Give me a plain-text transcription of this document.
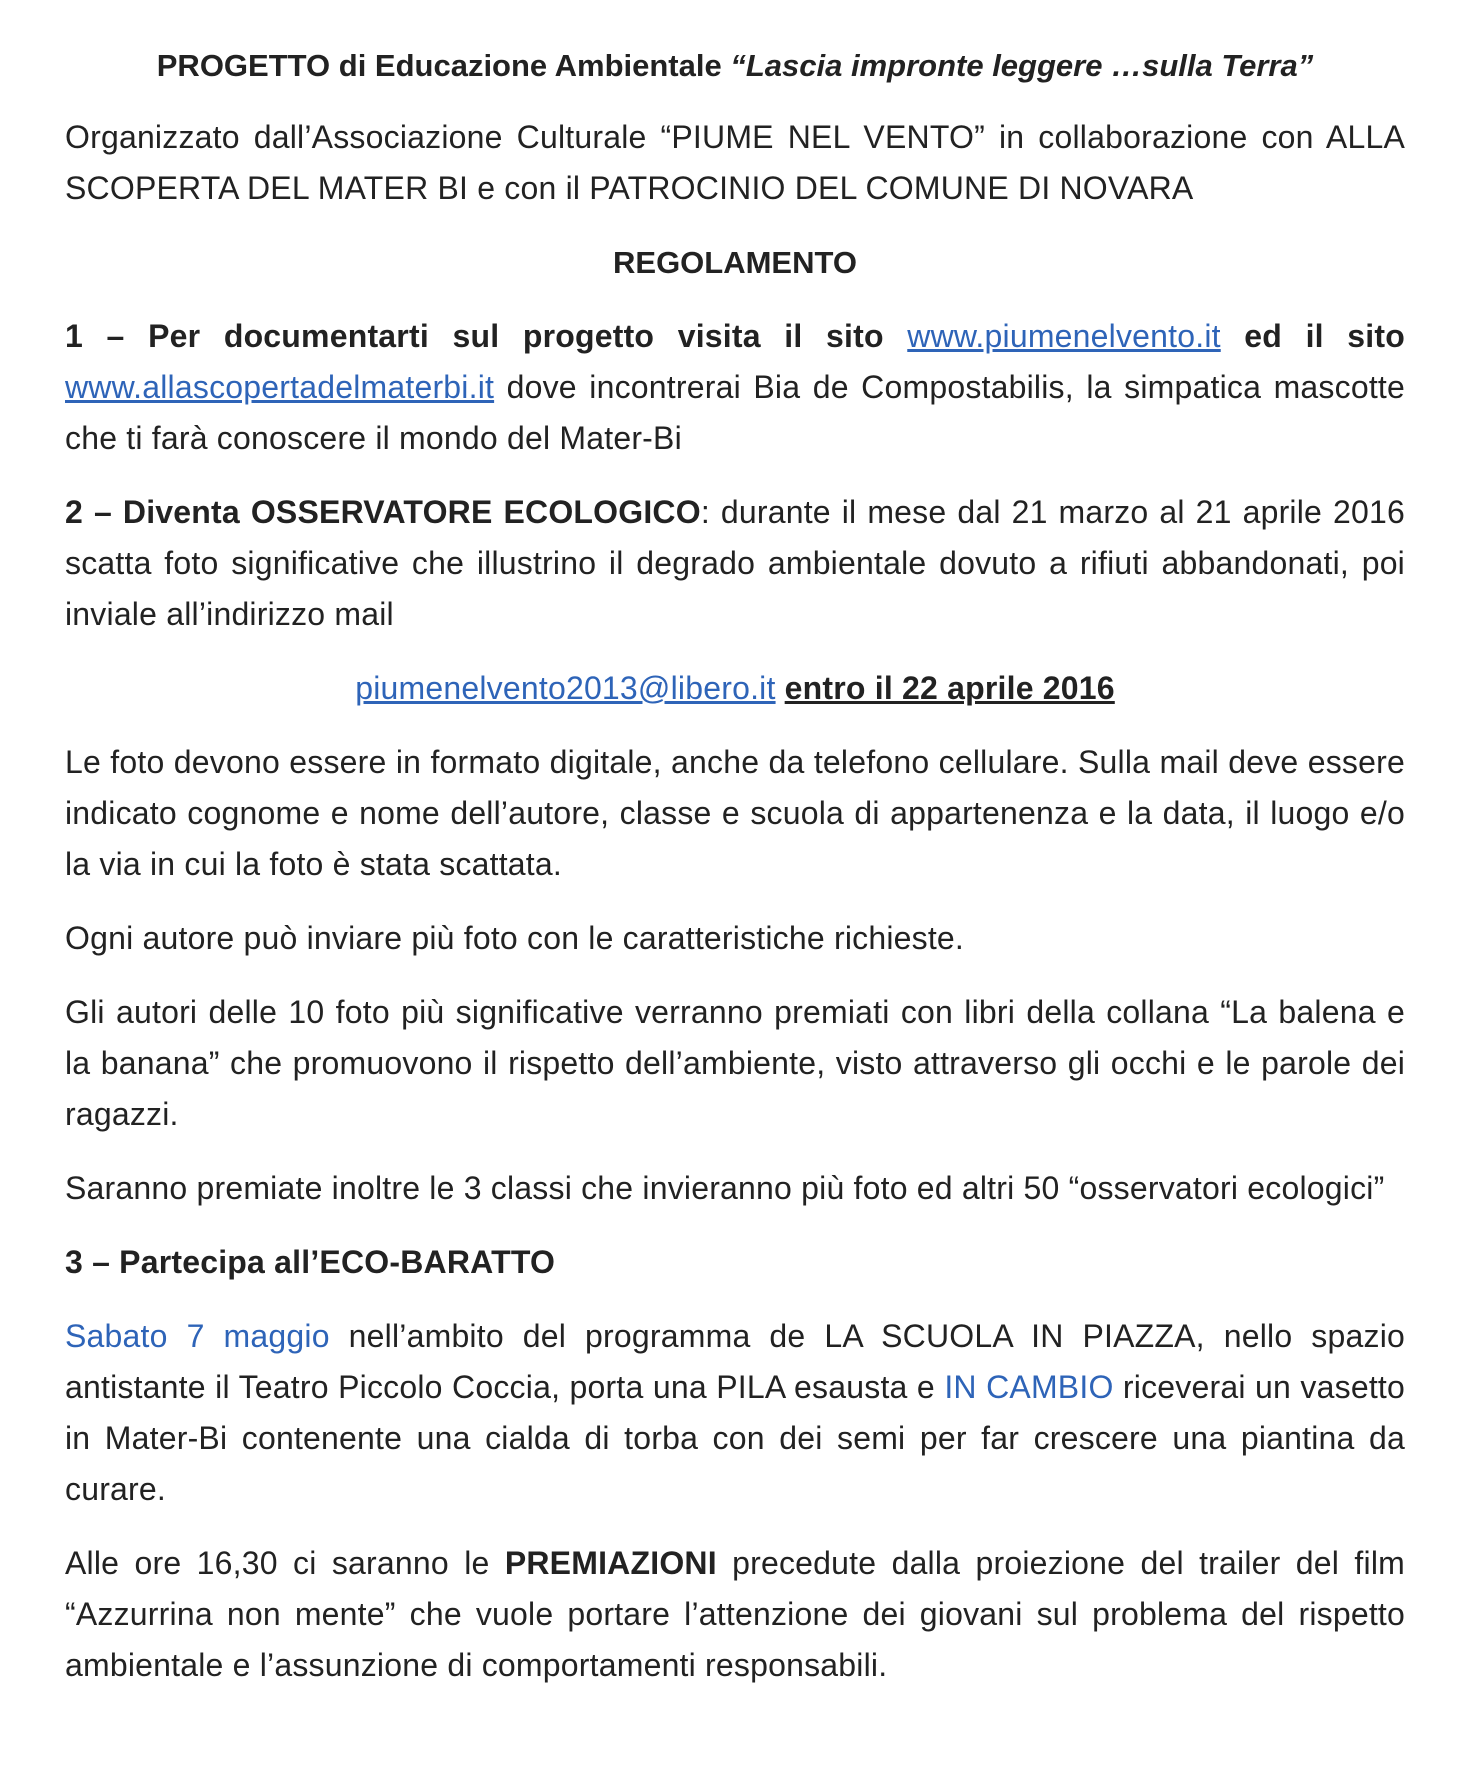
PROGETTO di Educazione Ambientale “Lascia impronte leggere …sulla Terra”

Organizzato dall’Associazione Culturale “PIUME NEL VENTO” in collaborazione con ALLA SCOPERTA DEL MATER BI e con il PATROCINIO DEL COMUNE DI NOVARA

REGOLAMENTO

1 – Per documentarti sul progetto visita il sito www.piumenelvento.it ed il sito www.allascopertadelmaterbi.it dove incontrerai Bia de Compostabilis, la simpatica mascotte che ti farà conoscere il mondo del Mater-Bi

2 – Diventa OSSERVATORE ECOLOGICO: durante il mese dal 21 marzo al 21 aprile 2016 scatta foto significative che illustrino il degrado ambientale dovuto a rifiuti abbandonati, poi inviale all’indirizzo mail

piumenelvento2013@libero.it entro il 22 aprile 2016

Le foto devono essere in formato digitale, anche da telefono cellulare. Sulla mail deve essere indicato cognome e nome dell’autore, classe e scuola di appartenenza e la data, il luogo e/o la via in cui la foto è stata scattata.

Ogni autore può inviare più foto con le caratteristiche richieste.

Gli autori delle 10 foto più significative verranno premiati con libri della collana “La balena e la banana” che promuovono il rispetto dell’ambiente, visto attraverso gli occhi e le parole dei ragazzi.

Saranno premiate inoltre le 3 classi che invieranno più foto ed altri 50 “osservatori ecologici”

3 – Partecipa all’ECO-BARATTO

Sabato 7 maggio nell’ambito del programma de LA SCUOLA IN PIAZZA, nello spazio antistante il Teatro Piccolo Coccia, porta una PILA esausta e IN CAMBIO riceverai un vasetto in Mater-Bi contenente una cialda di torba con dei semi per far crescere una piantina da curare.

Alle ore 16,30 ci saranno le PREMIAZIONI precedute dalla proiezione del trailer del film “Azzurrina non mente” che vuole portare l’attenzione dei giovani sul problema del rispetto ambientale e l’assunzione di comportamenti responsabili.
